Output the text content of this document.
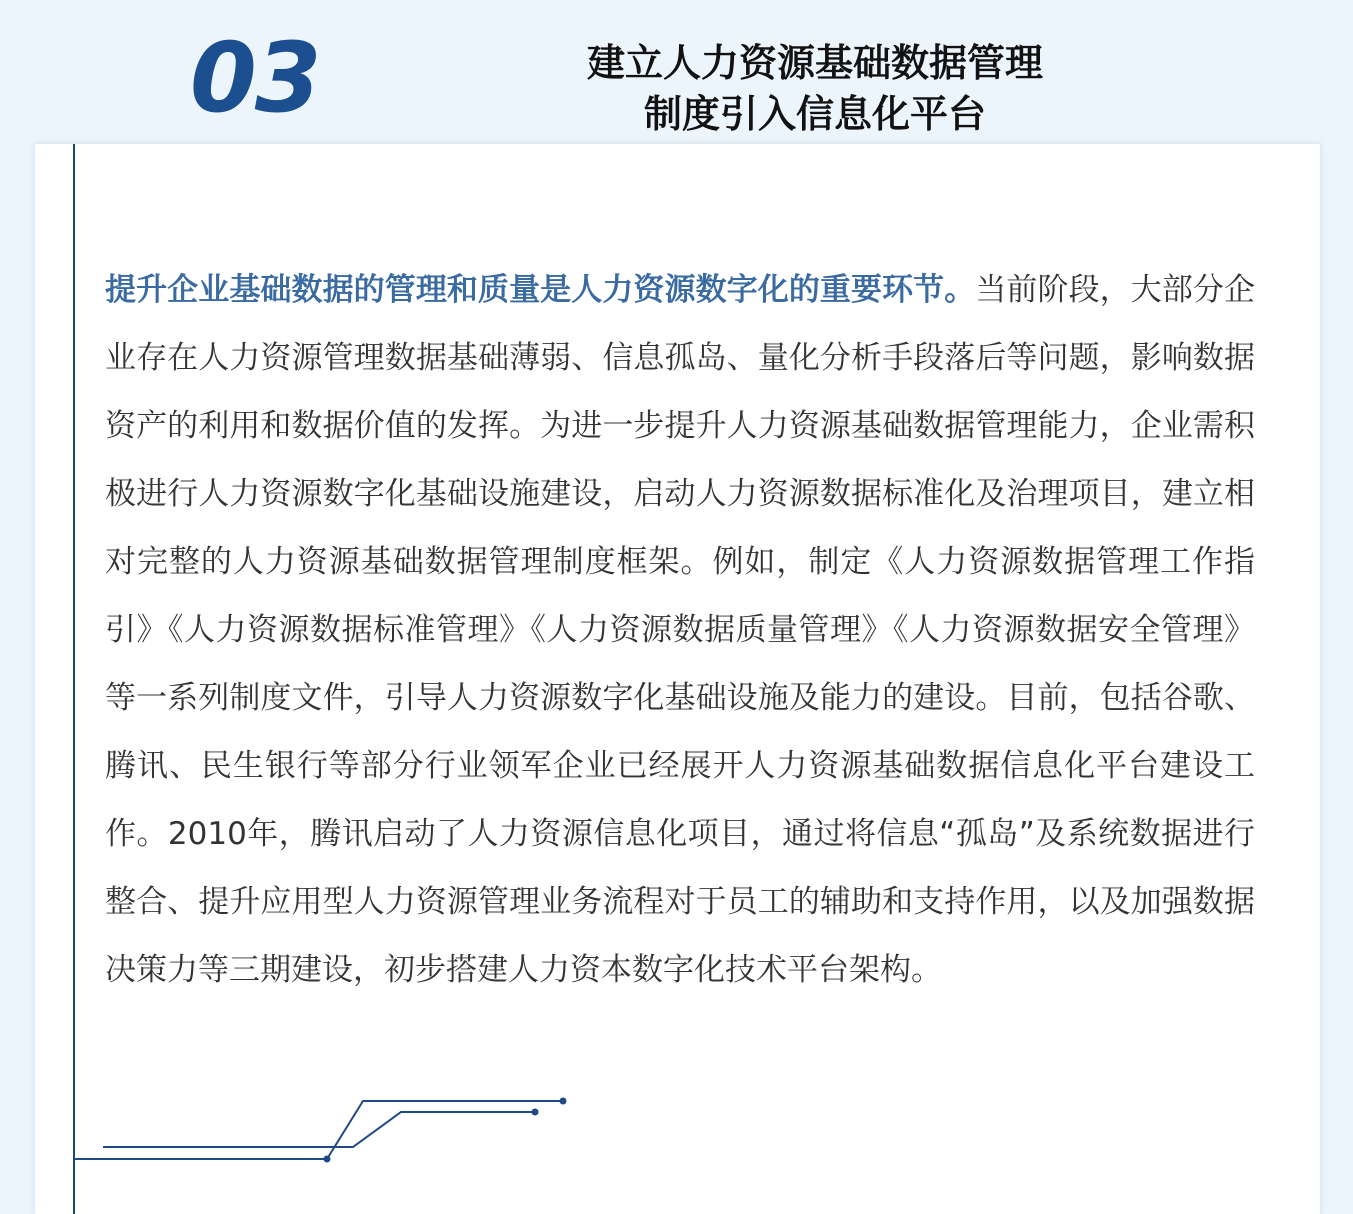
03	建立人力资源基础数据管理
制度引入信息化平台

提升企业基础数据的管理和质量是人力资源数字化的重要环节。当前阶段，大部分企业存在人力资源管理数据基础薄弱、信息孤岛、量化分析手段落后等问题，影响数据资产的利用和数据价值的发挥。为进一步提升人力资源基础数据管理能力，企业需积极进行人力资源数字化基础设施建设，启动人力资源数据标准化及治理项目，建立相对完整的人力资源基础数据管理制度框架。例如，制定《人力资源数据管理工作指引》《人力资源数据标准管理》《人力资源数据质量管理》《人力资源数据安全管理》等一系列制度文件，引导人力资源数字化基础设施及能力的建设。目前，包括谷歌、腾讯、民生银行等部分行业领军企业已经展开人力资源基础数据信息化平台建设工作。2010年，腾讯启动了人力资源信息化项目，通过将信息“孤岛”及系统数据进行整合、提升应用型人力资源管理业务流程对于员工的辅助和支持作用，以及加强数据决策力等三期建设，初步搭建人力资本数字化技术平台架构。
